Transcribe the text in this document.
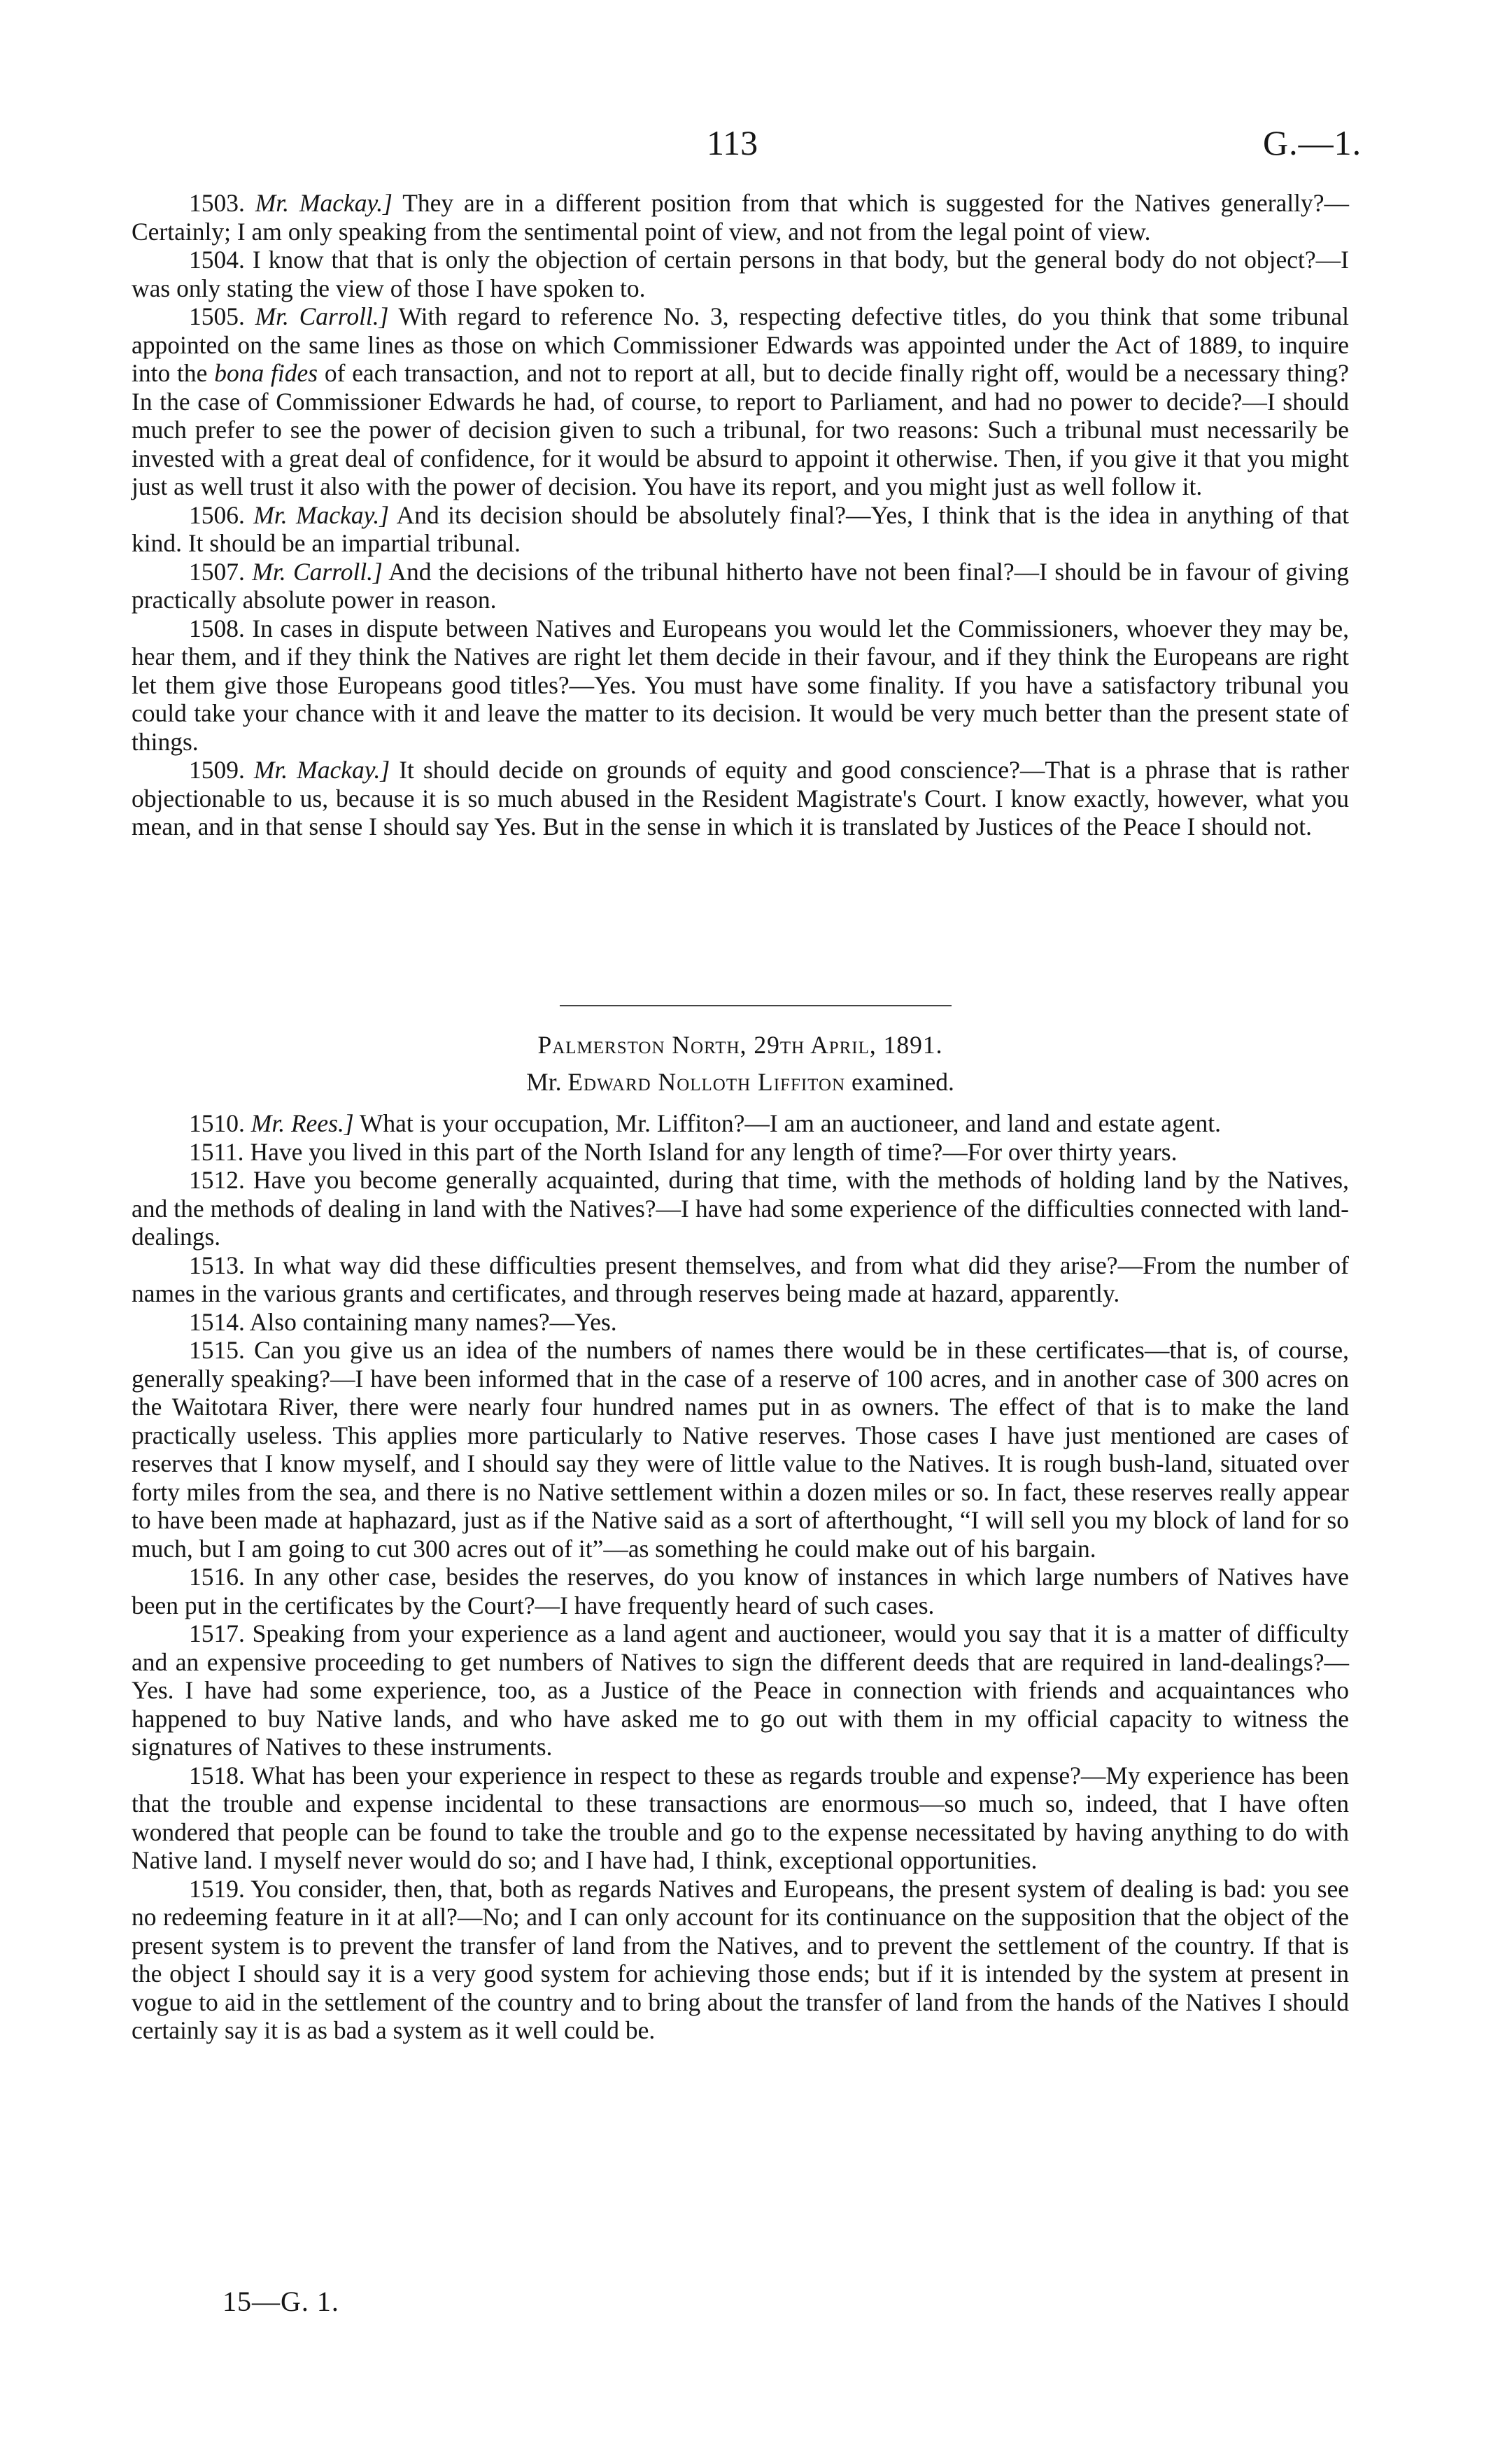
113	G.—1.

1503. Mr. Mackay.] They are in a different position from that which is suggested for the Natives generally?—Certainly; I am only speaking from the sentimental point of view, and not from the legal point of view.

1504. I know that that is only the objection of certain persons in that body, but the general body do not object?—I was only stating the view of those I have spoken to.

1505. Mr. Carroll.] With regard to reference No. 3, respecting defective titles, do you think that some tribunal appointed on the same lines as those on which Commissioner Edwards was appointed under the Act of 1889, to inquire into the bona fides of each transaction, and not to report at all, but to decide finally right off, would be a necessary thing? In the case of Commissioner Edwards he had, of course, to report to Parliament, and had no power to decide?—I should much prefer to see the power of decision given to such a tribunal, for two reasons: Such a tribunal must necessarily be invested with a great deal of confidence, for it would be absurd to appoint it otherwise. Then, if you give it that you might just as well trust it also with the power of decision. You have its report, and you might just as well follow it.

1506. Mr. Mackay.] And its decision should be absolutely final?—Yes, I think that is the idea in anything of that kind. It should be an impartial tribunal.

1507. Mr. Carroll.] And the decisions of the tribunal hitherto have not been final?—I should be in favour of giving practically absolute power in reason.

1508. In cases in dispute between Natives and Europeans you would let the Commissioners, whoever they may be, hear them, and if they think the Natives are right let them decide in their favour, and if they think the Europeans are right let them give those Europeans good titles?—Yes. You must have some finality. If you have a satisfactory tribunal you could take your chance with it and leave the matter to its decision. It would be very much better than the present state of things.

1509. Mr. Mackay.] It should decide on grounds of equity and good conscience?—That is a phrase that is rather objectionable to us, because it is so much abused in the Resident Magistrate's Court. I know exactly, however, what you mean, and in that sense I should say Yes. But in the sense in which it is translated by Justices of the Peace I should not.

Palmerston North, 29th April, 1891.
Mr. Edward Nolloth Liffiton examined.

1510. Mr. Rees.] What is your occupation, Mr. Liffiton?—I am an auctioneer, and land and estate agent.

1511. Have you lived in this part of the North Island for any length of time?—For over thirty years.

1512. Have you become generally acquainted, during that time, with the methods of holding land by the Natives, and the methods of dealing in land with the Natives?—I have had some experience of the difficulties connected with land-dealings.

1513. In what way did these difficulties present themselves, and from what did they arise?—From the number of names in the various grants and certificates, and through reserves being made at hazard, apparently.

1514. Also containing many names?—Yes.

1515. Can you give us an idea of the numbers of names there would be in these certificates—that is, of course, generally speaking?—I have been informed that in the case of a reserve of 100 acres, and in another case of 300 acres on the Waitotara River, there were nearly four hundred names put in as owners. The effect of that is to make the land practically useless. This applies more particularly to Native reserves. Those cases I have just mentioned are cases of reserves that I know myself, and I should say they were of little value to the Natives. It is rough bush-land, situated over forty miles from the sea, and there is no Native settlement within a dozen miles or so. In fact, these reserves really appear to have been made at haphazard, just as if the Native said as a sort of afterthought, “I will sell you my block of land for so much, but I am going to cut 300 acres out of it”—as something he could make out of his bargain.

1516. In any other case, besides the reserves, do you know of instances in which large numbers of Natives have been put in the certificates by the Court?—I have frequently heard of such cases.

1517. Speaking from your experience as a land agent and auctioneer, would you say that it is a matter of difficulty and an expensive proceeding to get numbers of Natives to sign the different deeds that are required in land-dealings?—Yes. I have had some experience, too, as a Justice of the Peace in connection with friends and acquaintances who happened to buy Native lands, and who have asked me to go out with them in my official capacity to witness the signatures of Natives to these instruments.

1518. What has been your experience in respect to these as regards trouble and expense?—My experience has been that the trouble and expense incidental to these transactions are enormous—so much so, indeed, that I have often wondered that people can be found to take the trouble and go to the expense necessitated by having anything to do with Native land. I myself never would do so; and I have had, I think, exceptional opportunities.

1519. You consider, then, that, both as regards Natives and Europeans, the present system of dealing is bad: you see no redeeming feature in it at all?—No; and I can only account for its continuance on the supposition that the object of the present system is to prevent the transfer of land from the Natives, and to prevent the settlement of the country. If that is the object I should say it is a very good system for achieving those ends; but if it is intended by the system at present in vogue to aid in the settlement of the country and to bring about the transfer of land from the hands of the Natives I should certainly say it is as bad a system as it well could be.

15—G. 1.
